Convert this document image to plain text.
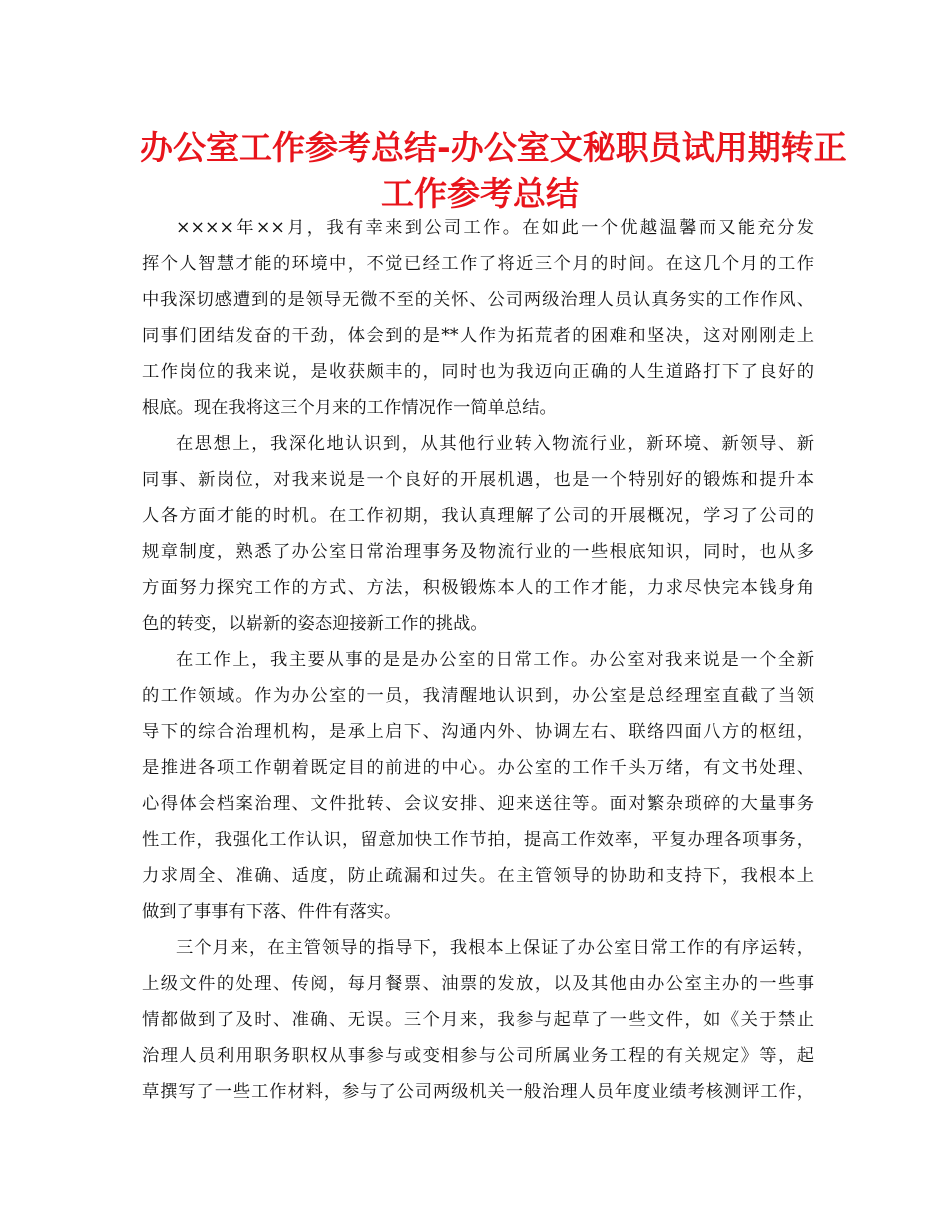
办公室工作参考总结-办公室文秘职员试用期转正
工作参考总结
××××年××月，我有幸来到公司工作。在如此一个优越温馨而又能充分发
挥个人智慧才能的环境中，不觉已经工作了将近三个月的时间。在这几个月的工作
中我深切感遭到的是领导无微不至的关怀、公司两级治理人员认真务实的工作作风、
同事们团结发奋的干劲，体会到的是**人作为拓荒者的困难和坚决，这对刚刚走上
工作岗位的我来说，是收获颇丰的，同时也为我迈向正确的人生道路打下了良好的
根底。现在我将这三个月来的工作情况作一简单总结。
在思想上，我深化地认识到，从其他行业转入物流行业，新环境、新领导、新
同事、新岗位，对我来说是一个良好的开展机遇，也是一个特别好的锻炼和提升本
人各方面才能的时机。在工作初期，我认真理解了公司的开展概况，学习了公司的
规章制度，熟悉了办公室日常治理事务及物流行业的一些根底知识，同时，也从多
方面努力探究工作的方式、方法，积极锻炼本人的工作才能，力求尽快完本钱身角
色的转变，以崭新的姿态迎接新工作的挑战。
在工作上，我主要从事的是是办公室的日常工作。办公室对我来说是一个全新
的工作领域。作为办公室的一员，我清醒地认识到，办公室是总经理室直截了当领
导下的综合治理机构，是承上启下、沟通内外、协调左右、联络四面八方的枢纽，
是推进各项工作朝着既定目的前进的中心。办公室的工作千头万绪，有文书处理、
心得体会档案治理、文件批转、会议安排、迎来送往等。面对繁杂琐碎的大量事务
性工作，我强化工作认识，留意加快工作节拍，提高工作效率，平复办理各项事务，
力求周全、准确、适度，防止疏漏和过失。在主管领导的协助和支持下，我根本上
做到了事事有下落、件件有落实。
三个月来，在主管领导的指导下，我根本上保证了办公室日常工作的有序运转，
上级文件的处理、传阅，每月餐票、油票的发放，以及其他由办公室主办的一些事
情都做到了及时、准确、无误。三个月来，我参与起草了一些文件，如《关于禁止
治理人员利用职务职权从事参与或变相参与公司所属业务工程的有关规定》等，起
草撰写了一些工作材料，参与了公司两级机关一般治理人员年度业绩考核测评工作，
